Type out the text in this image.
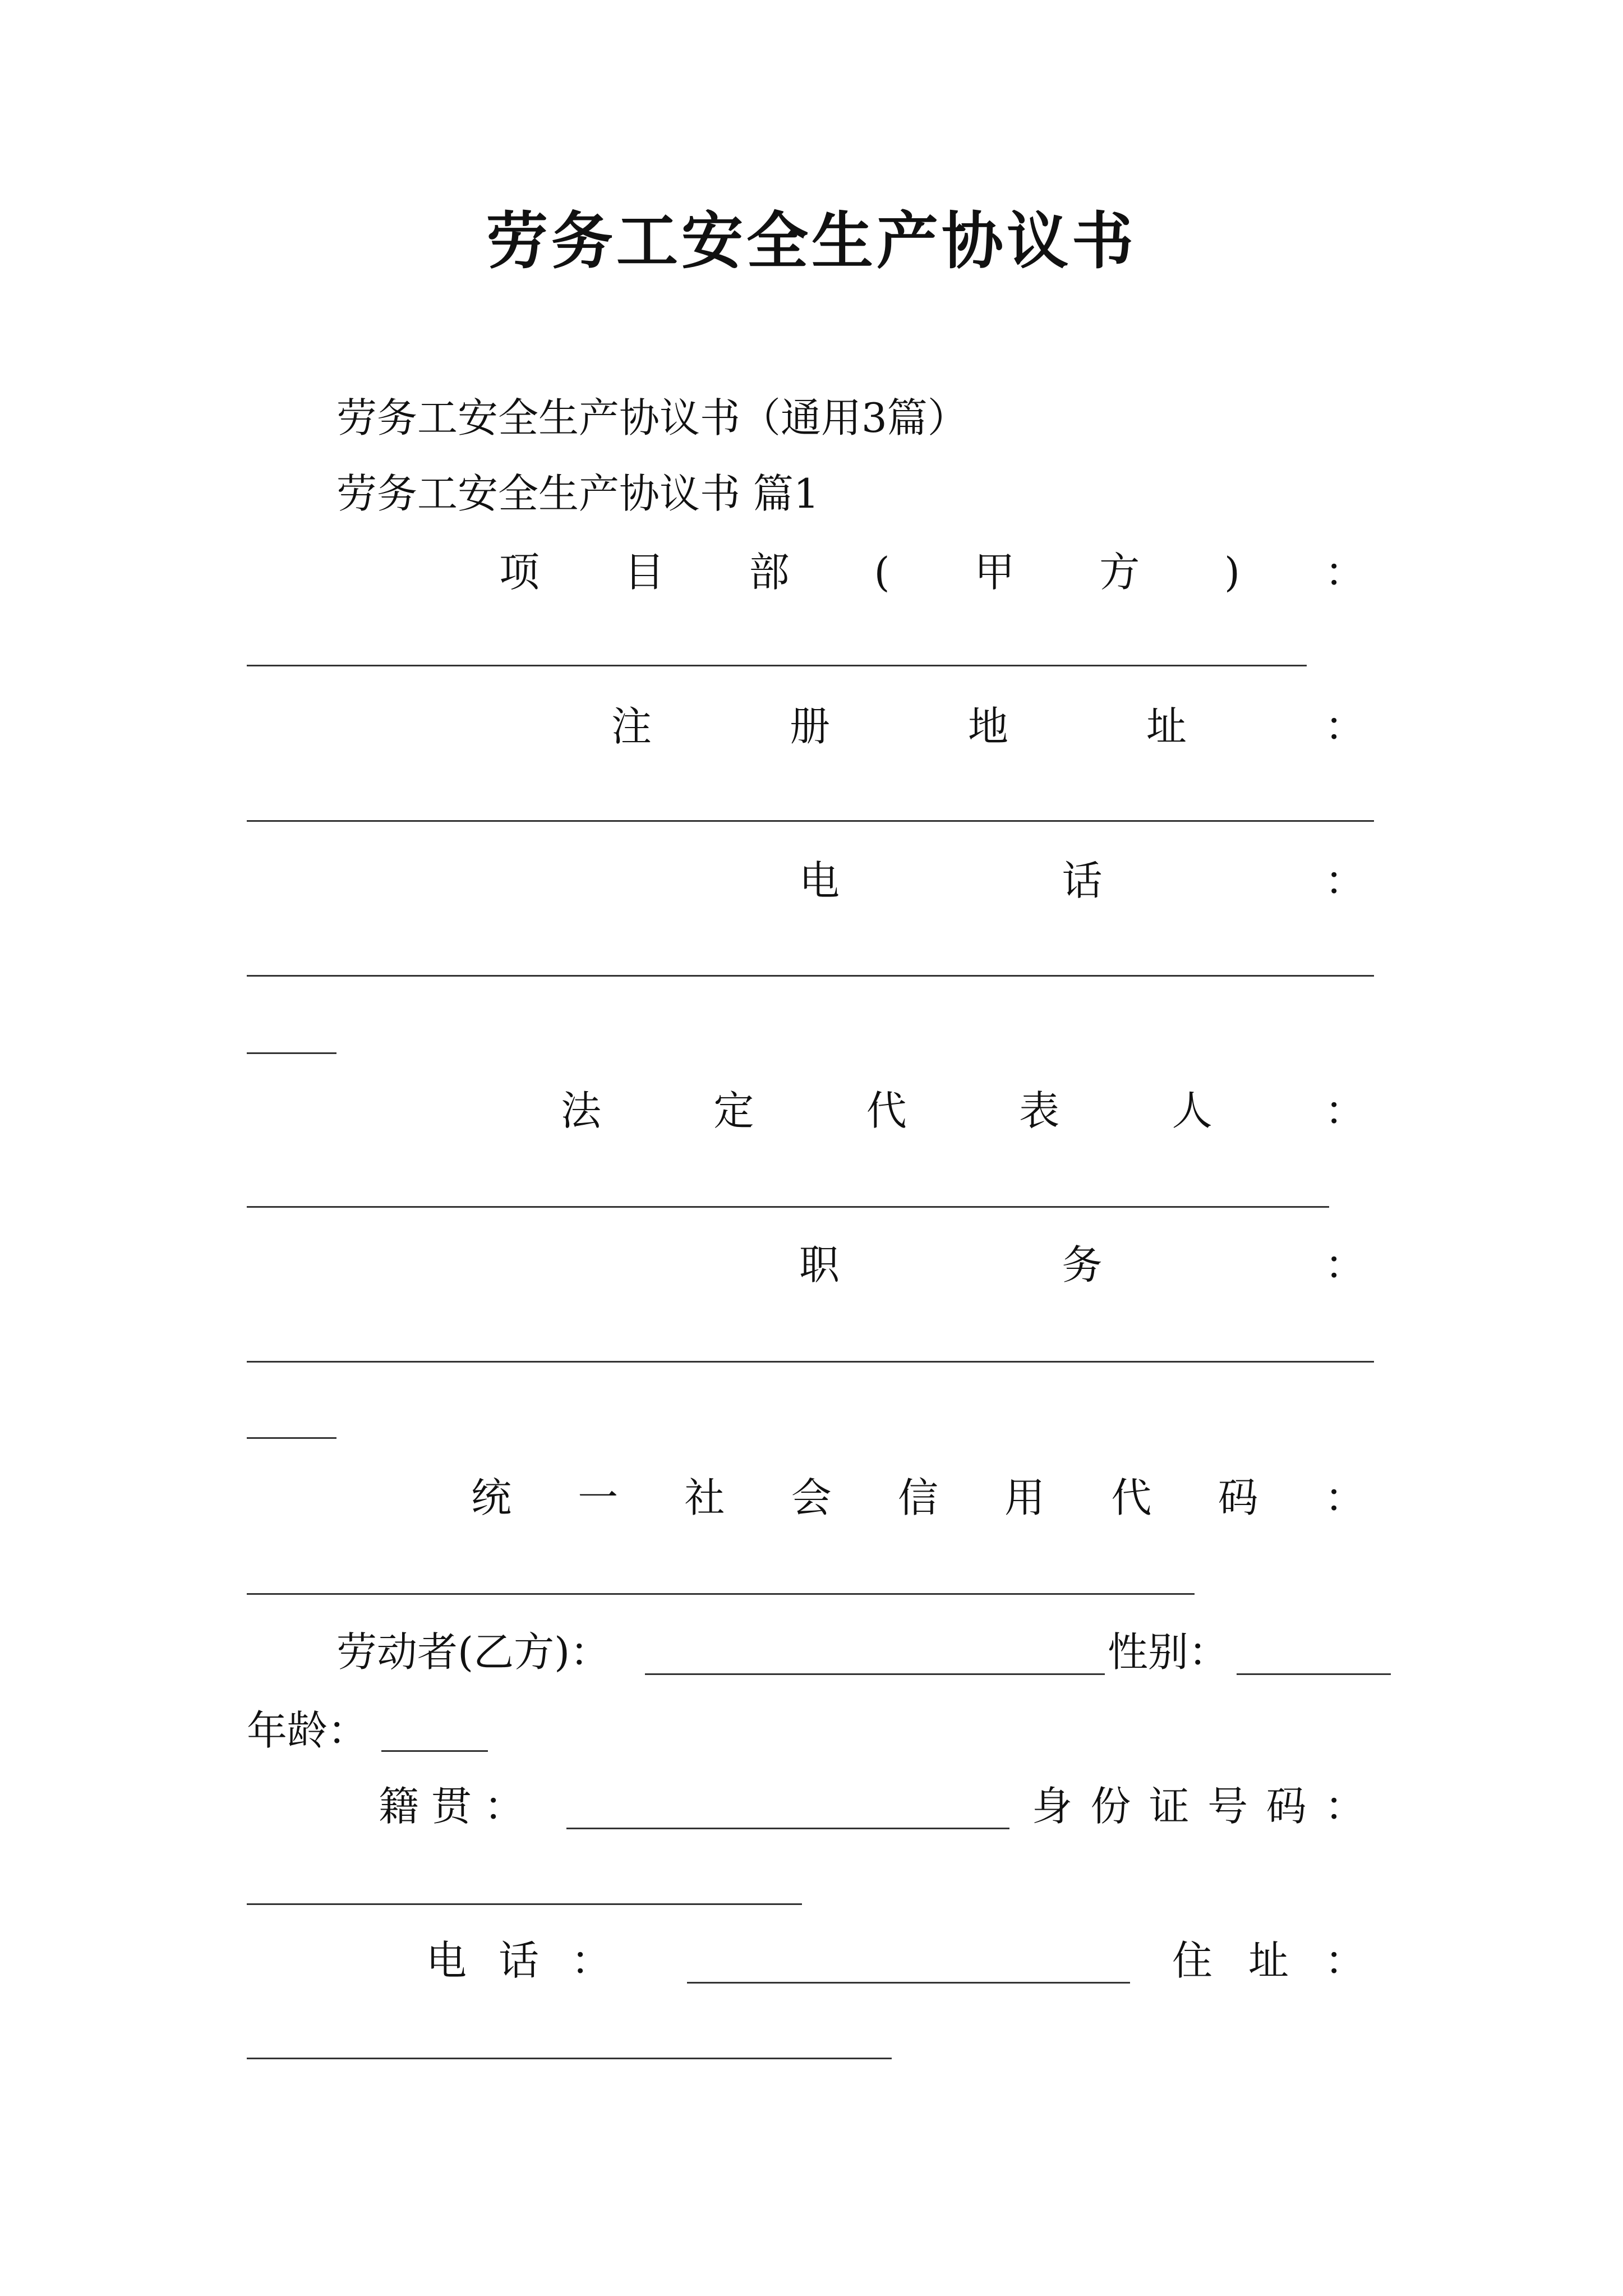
劳务工安全生产协议书
劳务工安全生产协议书（通用3篇）
劳务工安全生产协议书 篇1
项 目 部 ( 甲 方 ) ：
注	册	地	址	：
电	话	：
法	定	代	表	人	：
职	务	：
统 一 社 会 信 用 代 码 ：
劳动者(乙方)：	性别：
年龄：
籍 贯 ：	身 份 证 号 码 ：
电 话 ：	住 址 ：
